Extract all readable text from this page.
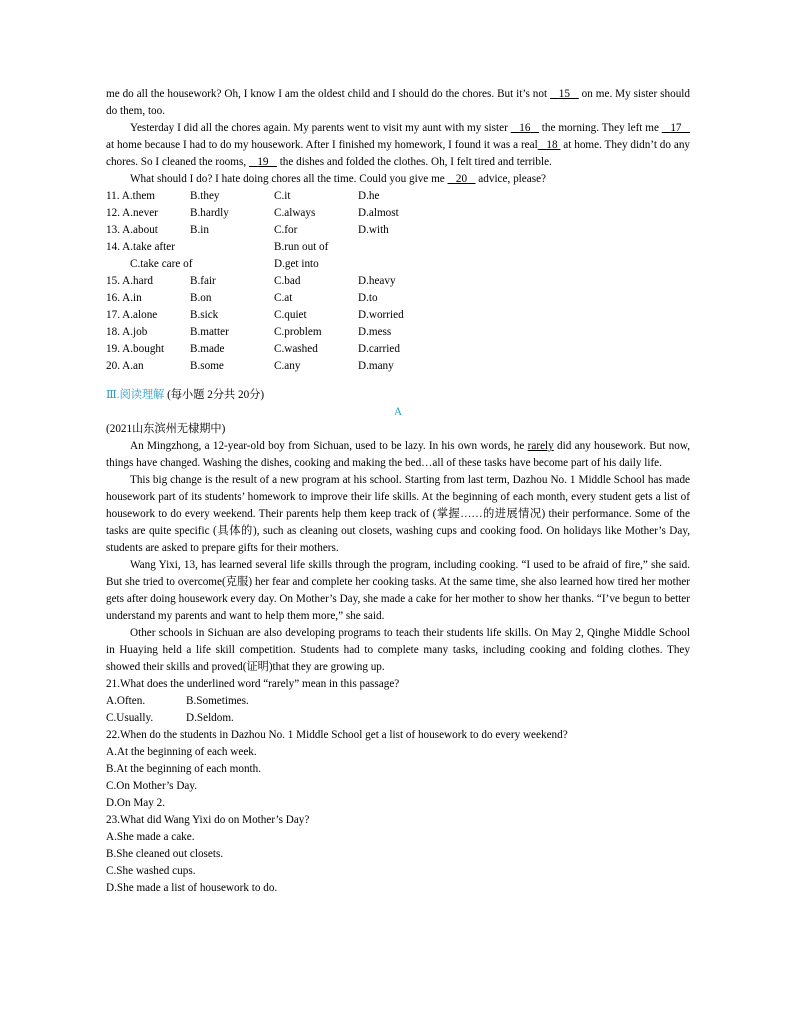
me do all the housework? Oh, I know I am the oldest child and I should do the chores. But it’s not    15    on me. My sister should do them, too.

Yesterday I did all the chores again. My parents went to visit my aunt with my sister    16    the morning. They left me    17    at home because I had to do my housework. After I finished my homework, I found it was a real 18  at home. They didn’t do any chores. So I cleaned the rooms,    19    the dishes and folded the clothes. Oh, I felt tired and terrible.

What should I do? I hate doing chores all the time. Could you give me    20    advice, please?

11. A.them	B.they	C.it	D.he
12. A.never	B.hardly	C.always	D.almost
13. A.about	B.in	C.for	D.with
14. A.take after	B.run out of
C.take care of	D.get into
15. A.hard	B.fair	C.bad	D.heavy
16. A.in	B.on	C.at	D.to
17. A.alone	B.sick	C.quiet	D.worried
18. A.job	B.matter	C.problem	D.mess
19. A.bought	B.made	C.washed	D.carried
20. A.an	B.some	C.any	D.many
Ⅲ.阅读理解 (每小题 2分共 20分)
A

(2021山东滨州无棣期中)

An Mingzhong, a 12-year-old boy from Sichuan, used to be lazy. In his own words, he rarely did any housework. But now, things have changed. Washing the dishes, cooking and making the bed…all of these tasks have become part of his daily life.

This big change is the result of a new program at his school. Starting from last term, Dazhou No. 1 Middle School has made housework part of its students’ homework to improve their life skills. At the beginning of each month, every student gets a list of housework to do every weekend. Their parents help them keep track of (掌握……的进展情况) their performance. Some of the tasks are quite specific (具体的), such as cleaning out closets, washing cups and cooking food. On holidays like Mother’s Day, students are asked to prepare gifts for their mothers.

Wang Yixi, 13, has learned several life skills through the program, including cooking. “I used to be afraid of fire,” she said. But she tried to overcome(克服) her fear and complete her cooking tasks. At the same time, she also learned how tired her mother gets after doing housework every day. On Mother’s Day, she made a cake for her mother to show her thanks. “I’ve begun to better understand my parents and want to help them more,” she said.

Other schools in Sichuan are also developing programs to teach their students life skills. On May 2, Qinghe Middle School in Huaying held a life skill competition. Students had to complete many tasks, including cooking and folding clothes. They showed their skills and proved(证明)that they are growing up.

21.What does the underlined word “rarely” mean in this passage?

A.Often.	B.Sometimes.
C.Usually.	D.Seldom.

22.When do the students in Dazhou No. 1 Middle School get a list of housework to do every weekend?

A.At the beginning of each week.
B.At the beginning of each month.
C.On Mother’s Day.
D.On May 2.

23.What did Wang Yixi do on Mother’s Day?

A.She made a cake.
B.She cleaned out closets.
C.She washed cups.
D.She made a list of housework to do.
